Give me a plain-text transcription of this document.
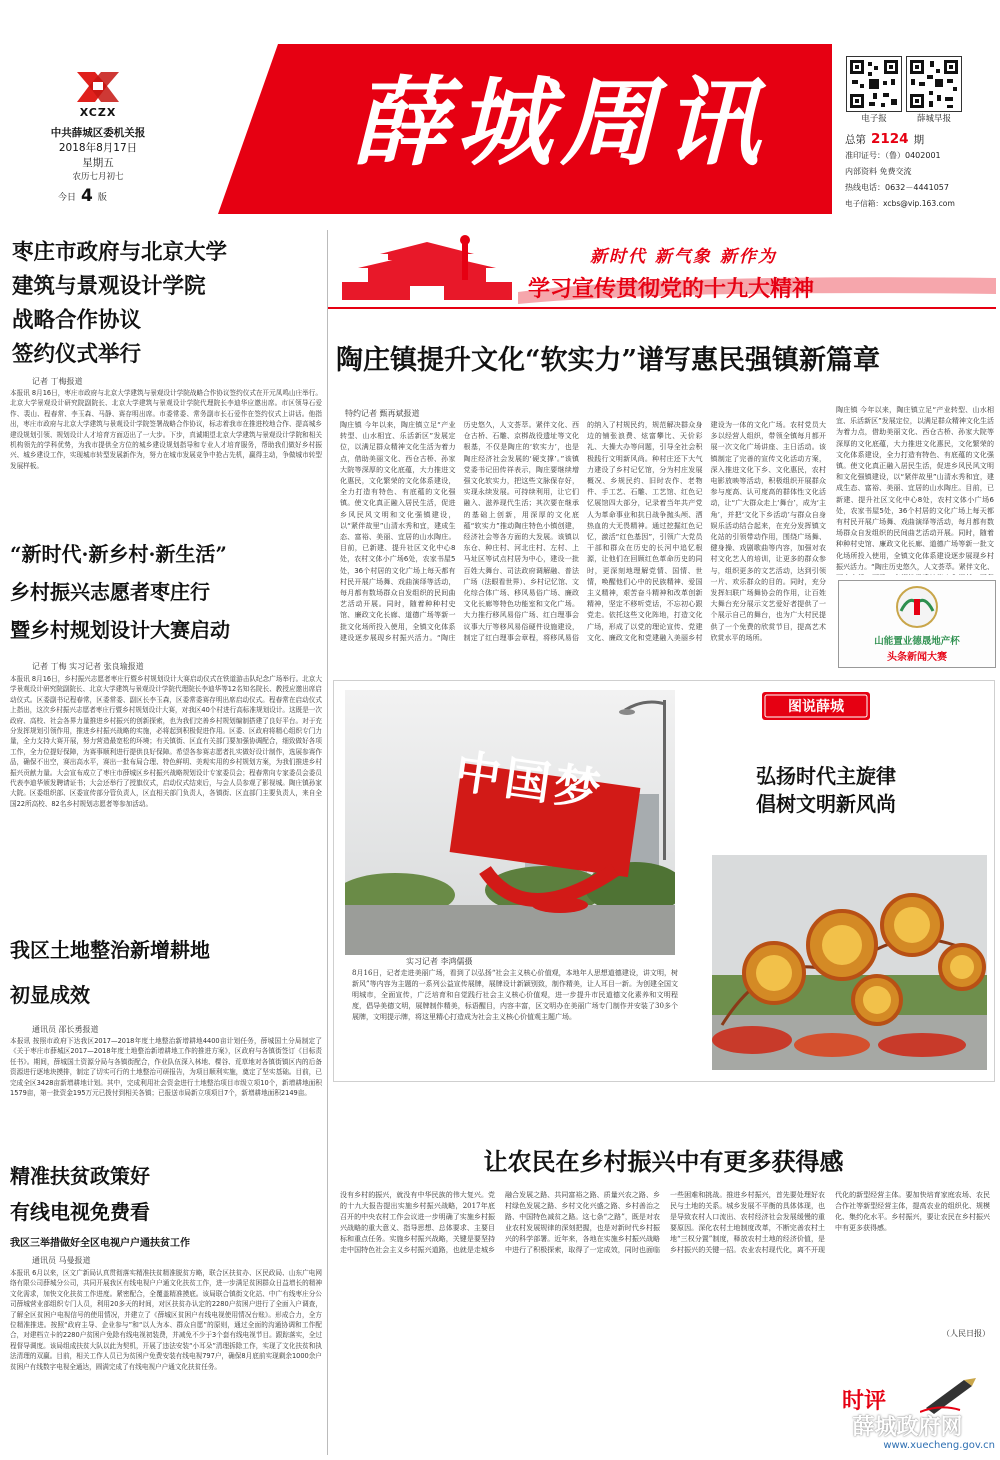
XCZX
中共薛城区委机关报
2018年8月17日
星期五
农历七月初七
今日 4 版
薛城周讯	电子报	薛城早报
总第 2124 期
准印证号：（鲁）0402001
内部资料 免费交流
热线电话：0632－4441057
电子信箱：xcbs@vip.163.com
枣庄市政府与北京大学
建筑与景观设计学院
战略合作协议
签约仪式举行
记者 丁梅报道
本报讯 8月16日，枣庄市政府与北京大学建筑与景观设计学院战略合作协议签约仪式在开元凤鸣山庄举行。北京大学景观设计研究院副院长、北京大学建筑与景观设计学院代理院长李迪华应邀出席。市区领导石爱作、裴山、程春常、李玉森、马静、赛存明出席。市委常委、常务副市长石爱作在签约仪式上讲话。他指出，枣庄市政府与北京大学建筑与景观设计学院签署战略合作协议，标志着我市在推进校地合作、提高城乡建设规划引领、规划设计人才培育方面迈出了一大步。下步，真诚期望北京大学建筑与景观设计学院和相关机构领先的学科优势，为我市提供全方位的城乡建设规划指导和专业人才培育服务，帮助我们做好乡村振兴、城乡建设工作，实现城市转型发展新作为，努力在城市发展竞争中抢占先机，赢得主动，争做城市转型发展样板。
“新时代·新乡村·新生活”
乡村振兴志愿者枣庄行
暨乡村规划设计大赛启动
记者 丁梅 实习记者 张良瑜报道
本报讯 8月16日，乡村振兴志愿者枣庄行暨乡村规划设计大赛启动仪式在铁道游击队纪念广场举行。北京大学景观设计研究院副院长、北京大学建筑与景观设计学院代理院长李迪华等12名知名院长、教授应邀出席启动仪式。区委副书记程春常，区委常委、副区长李玉森，区委常委赛存明出席启动仪式。程春常在启动仪式上指出，这次乡村振兴志愿者枣庄行暨乡村规划设计大赛，对我区40个村进行高标准规划设计。这既是一次政府、高校、社会各界力量推进乡村振兴的创新探索，也为我们完善乡村规划编制搭建了良好平台。对于充分发挥规划引领作用，推进乡村振兴战略的实施，必将起到积极促进作用。区委、区政府将精心组织专门力量，全力支持大赛开展，努力营造最宽松的环境；有关镇街、区直有关部门要加强协调配合，细致做好各项工作，全力位提好保障，为赛事顺利进行提供良好保障。希望各参赛志愿者扎实做好设计制作，选展参赛作品，确保不出空，赛出高水平，赛出一批布局合理、特色鲜明、美观实用的乡村规划方案，为我们推进乡村振兴贡献力量。大会宣布成立了枣庄市薛城区乡村振兴战略规划设计专家委员会；程春常向专家委员会委员代表李迪华颁发聘请证书；大会还举行了授旗仪式，启动仪式结束后，与会人员参观了影视城。陶庄镇孙家大院。区委组织部、区委宣传部分管负责人，区直相关部门负责人，各镇街、区直部门主要负责人，来自全国22所高校、82名乡村规划志愿者等参加活动。
我区土地整治新增耕地
初显成效
通讯员 邵长勇报道
本报讯 按照市政府下达我区2017—2018年度土地整治新增耕地4400亩计划任务，薛城国土分局制定了《关于枣庄市薛城区2017—2018年度土地整治新增耕地工作的推进方案》，区政府与各镇街签订《目标责任书》。期间，薛城国土资源分局与各镇街配合，作业队伍深入林地、棵谷、荒草地对各镇街镇区内的后备资源进行逐地块摸排，制定了切实可行的土地整治可研报告，为项目顺利实施，奠定了坚实基础。目前，已完成全区3428亩新增耕地计划。其中，完成利用社会资金进行土地整治项目市级立项10个，新增耕地面积1579亩，第一批资金195万元已拨付到相关各镇；已报送市局新立项项目7个，新增耕地面积2149亩。
精准扶贫政策好
有线电视免费看
我区三举措做好全区电视户户通扶贫工作
通讯员 马曼报道
本报讯 6月以来，区文广新局认真贯彻落实精准扶贫精准脱贫方略，联合区扶贫办、区民政局、山东广电网络有限公司薛城分公司，共同开展我区有线电视户户通文化扶贫工作，进一步满足贫困群众日益增长的精神文化需求，加快文化扶贫工作进度。紧密配合，全覆盖精准摸底。该局联合镇街文化站、中广有线枣庄分公司薛城营业部组织专门人员，利用20多天的时间，对区扶贫办认定的2280户贫困户进行了全面入户调查，了解全区贫困户电视信号的使用情况，并建立了《薛城区贫困户有线电视使用情况台账》。形成合力，全方位精准推进。按照“政府主导、企业参与”和“以人为本、群众自愿”的原则，通过全面的沟通协调和工作配合，对建档立卡的2280户贫困户免除有线电视初装费，并减免不少于3个套有线电视节目。跟踪落实，全过程督导调度。该局组成扶贫大队以此为契机，开展了违法安装“小耳朵”清理拆除工作，实现了文化扶贫和执法清理的双赢。目前，相关工作人员已为贫困户免费安装有线电视797户，确保8月底前实现剩余1000余户贫困户有线数字电视全通达，圆满完成了有线电视户户通文化扶贫任务。
新时代 新气象 新作为
学习宣传贯彻党的十九大精神
陶庄镇提升文化“软实力”谱写惠民强镇新篇章
特约记者 甄再斌报道
陶庄镇 今年以来，陶庄镇立足“产业转型、山水相宜、乐活新区”发展定位，以满足群众精神文化生活为着力点，借助美丽文化、西仓古桥、孙家大院等深厚的文化底蕴，大力推进文化惠民，文化繁荣的文化体系建设，全力打造有特色、有底蕴的文化强镇。使文化真正融入居民生活，促进乡风民风文明和文化强镇建设，以“紧伴故里”山清水秀和宜，建成生态、富裕、美丽、宜居的山水陶庄。目前，已新建、提升社区文化中心8处，农村文体小广场6处，农家书屋5处，36个村居的文化广场上每天都有村民开展广场舞、戏曲演绎等活动，每月都有数场群众自发组织的民间曲艺活动开展。同时，随着种种村史馆、廉政文化长廊、道德广场等新一批文化场所投入使用，全镇文化体系建设逐步展现乡村振兴活力。“陶庄历史悠久，人文荟萃。紧伴文化、西仓古桥、石雕、京梆战役遗址等文化根基，不仅是陶庄的‘软实力’，也是陶庄经济社会发展的‘硬支撑’。”该镇党委书记田传祥表示，陶庄要继续增强文化软实力，把这些文脉保存好，实现永续发展。可持续利用，让它们融入、滋养现代生活；其次要在继承的基础上创新，用深厚的文化底蕴“软实力”推动陶庄特色小镇创建，经济社会等各方面的大发展。该镇以东仓、种庄村、河北庄村、左村、上马址区等试点村居为中心，建设一批百姓大舞台、司法政府调解融、普法广场（法眼看世界）、乡村记忆馆、文化综合体广场、移风易俗广场、廉政文化长廊等特色功能室和文化广场。大力推行移风易俗广场、红白理事会议事大厅等移风易俗硬件设施建设，制定了红白理事会章程，将移风易俗的纳入了村规民约，规范解决群众身边的铺张浪费、炫富攀比、天价彩礼、大操大办等问题，引导全社会积极践行文明新风尚。种村庄还下大气力建设了乡村记忆馆，分为村庄发展概况、乡规民约、旧时农作、老物件、手工艺、石雕、工艺馆、红色记忆展馆四大部分，记录着当年共产党人为革命事业和抗日战争抛头颅、洒热血的大无畏精神。通过挖掘红色记忆，激活“红色基因”，引领广大党员干部和群众在历史的长河中追忆根源，让他们在回顾红色革命历史的同时，更深刻地理解党情、国情、世情，唤醒他们心中的民族精神、爱国主义精神，艰苦奋斗精神和改革创新精神，坚定不移听党话，不忘初心跟党走。依托这些文化阵地，打造文化广场，形成了以党的理论宣传、党建文化、廉政文化和党建融入美丽乡村建设为一体的文化广场。农村党员大多以经营人组织，带领全镇每月都开展一次文化广场讲座、主日活动。该镇制定了完善的宣传文化活动方案，深入推进文化下乡、文化惠民，农村电影放映等活动，积极组织开展群众参与度高、认可度高的群体性文化活动，让“广大群众走上‘舞台’，成为‘主角’，并把‘文化下乡活动’与群众自身娱乐活动结合起来，在充分发挥镇文化站的引领带动作用，围绕广场舞、健身操、戏剧歌曲等内容，加强对农村文化艺人的培训，让更多的群众参与，组织更多的文艺活动，达到引领一片、欢乐群众的目的。同时，充分发挥妇联广场舞协会的作用，让百姓大舞台充分展示文艺爱好者提供了一个展示自己的舞台，也为广大村民提供了一个免费的欣赏节目，提高艺术欣赏水平的场所。
陶庄镇 今年以来，陶庄镇立足“产业转型、山水相宜、乐活新区”发展定位，以满足群众精神文化生活为着力点，借助美丽文化、西仓古桥、孙家大院等深厚的文化底蕴，大力推进文化惠民，文化繁荣的文化体系建设，全力打造有特色、有底蕴的文化强镇。使文化真正融入居民生活，促进乡风民风文明和文化强镇建设，以“紧伴故里”山清水秀和宜，建成生态、富裕、美丽、宜居的山水陶庄。目前，已新建、提升社区文化中心8处，农村文体小广场6处，农家书屋5处，36个村居的文化广场上每天都有村民开展广场舞、戏曲演绎等活动，每月都有数场群众自发组织的民间曲艺活动开展。同时，随着种种村史馆、廉政文化长廊、道德广场等新一批文化场所投入使用，全镇文化体系建设逐步展现乡村振兴活力。“陶庄历史悠久，人文荟萃。紧伴文化、
山能置业德晟地产杯
头条新闻大赛
中国梦
图说薛城
弘扬时代主旋律
倡树文明新风尚
实习记者 李鸿儒摄
8月16日，记者走进美丽广场，看到了以弘扬“社会主义核心价值观，本地年人思想道德建设，讲文明，树新风”等内容为主题的一系列公益宣传展牌，展牌设计新颖别致，制作精美，让人耳目一新。为创建全国文明城市，全面宣传，广泛培育和自觉践行社会主义核心价值观，进一步提升市民道德文化素养和文明程度，倡导美德文明，展牌制作精美，标语醒目，内容丰富，区文明办在美丽广场专门制作并安装了30多个展牌，文明提示牌，将这里精心打造成为社会主义核心价值观主题广场。
让农民在乡村振兴中有更多获得感
没有乡村的振兴，就没有中华民族的伟大复兴。党的十九大报告提出实施乡村振兴战略，2017年底召开的中央农村工作会议进一步明确了实施乡村振兴战略的重大意义、指导思想、总体要求、主要目标和重点任务。实施乡村振兴战略，关键是要坚持走中国特色社会主义乡村振兴道路，也就是走城乡融合发展之路、共同富裕之路、质量兴农之路、乡村绿色发展之路、乡村文化兴盛之路、乡村善治之路、中国特色减贫之路。这七条“之路”，既是对农业农村发展规律的深刻把握，也是对新时代乡村振兴的科学部署。近年来，各地在实施乡村振兴战略中进行了积极探索，取得了一定成效，同时也面临一些困难和挑战。推进乡村振兴，首先要处理好农民与土地的关系。城乡发展不平衡的具体体现，也是导致农村人口流出、农村经济社会发展缓慢的重要原因。深化农村土地制度改革，不断完善农村土地“三权分置”制度，释放农村土地的经济价值，是乡村振兴的关键一招。农业农村现代化，离不开现代化的新型经营主体。要加快培育家庭农场、农民合作社等新型经营主体，提高农业的组织化、规模化、集约化水平。乡村振兴，要让农民在乡村振兴中有更多获得感。
（人民日报）
时评
薛城政府网
www.xuecheng.gov.cn
